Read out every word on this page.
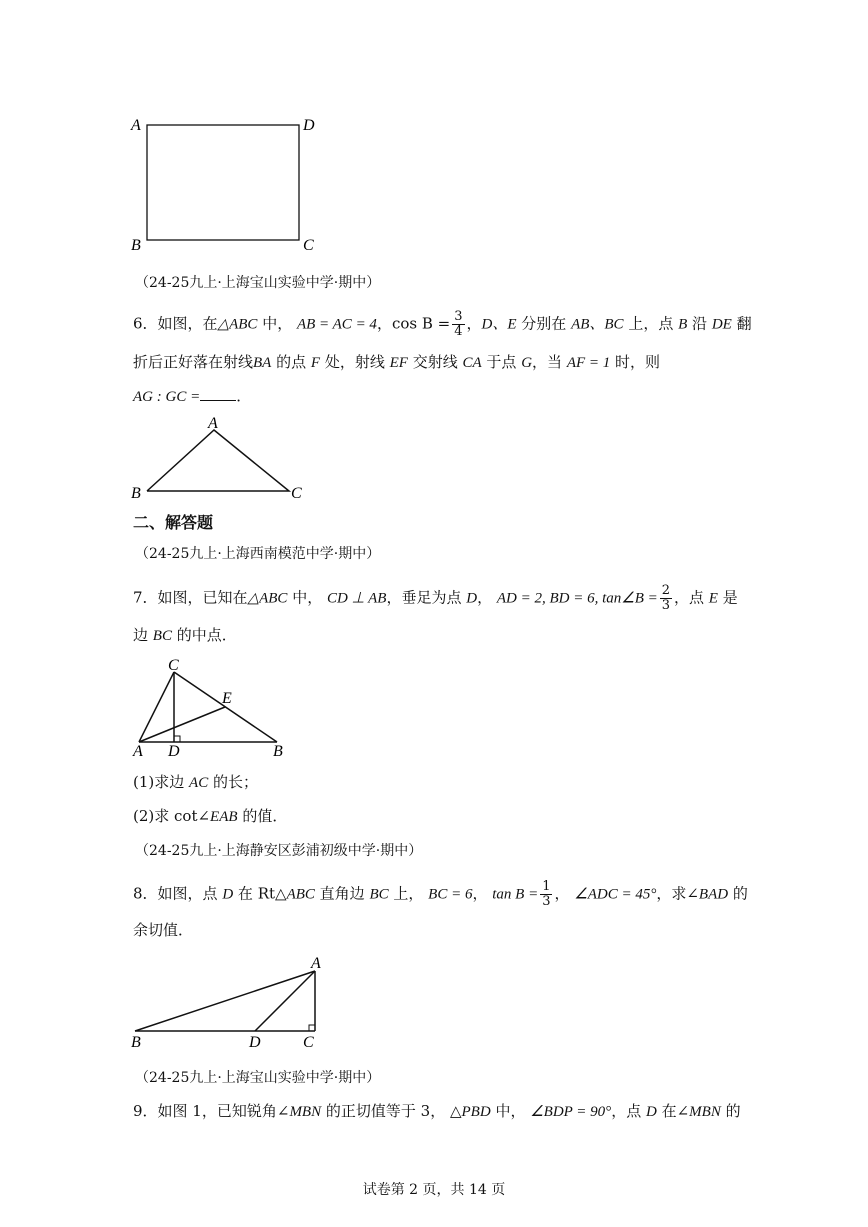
A	D
B	C
（24-25九上·上海宝山实验中学·期中）
6．如图，在△ABC 中， AB = AC = 4，$\cos B = \frac{3}{4}$ ，D、E 分别在 AB、BC 上，点 B 沿 DE 翻
折后正好落在射线BA 的点 F 处，射线 EF 交射线 CA 于点 G，当 AF = 1 时，则
AG : GC = ．
A
B	C
二、解答题
（24-25九上·上海西南模范中学·期中）
7．如图，已知在△ABC 中， CD ⊥ AB，垂足为点 D， AD = 2, BD = 6, tan∠B = $\frac{2}{3}$ ，点 E 是
边 BC 的中点．
C
E
A D	B
(1)求边 AC 的长；
(2)求 cot∠EAB 的值．
（24-25九上·上海静安区彭浦初级中学·期中）
8．如图，点 D 在 Rt△ABC 直角边 BC 上， BC = 6， $\tan B = \frac{1}{3}$ ， ∠ADC = 45°，求∠BAD 的
余切值．
A
B	D	C
（24-25九上·上海宝山实验中学·期中）
9．如图 1，已知锐角∠MBN 的正切值等于 3， △PBD 中， ∠BDP = 90°，点 D 在∠MBN 的
试卷第 2 页，共 14 页
